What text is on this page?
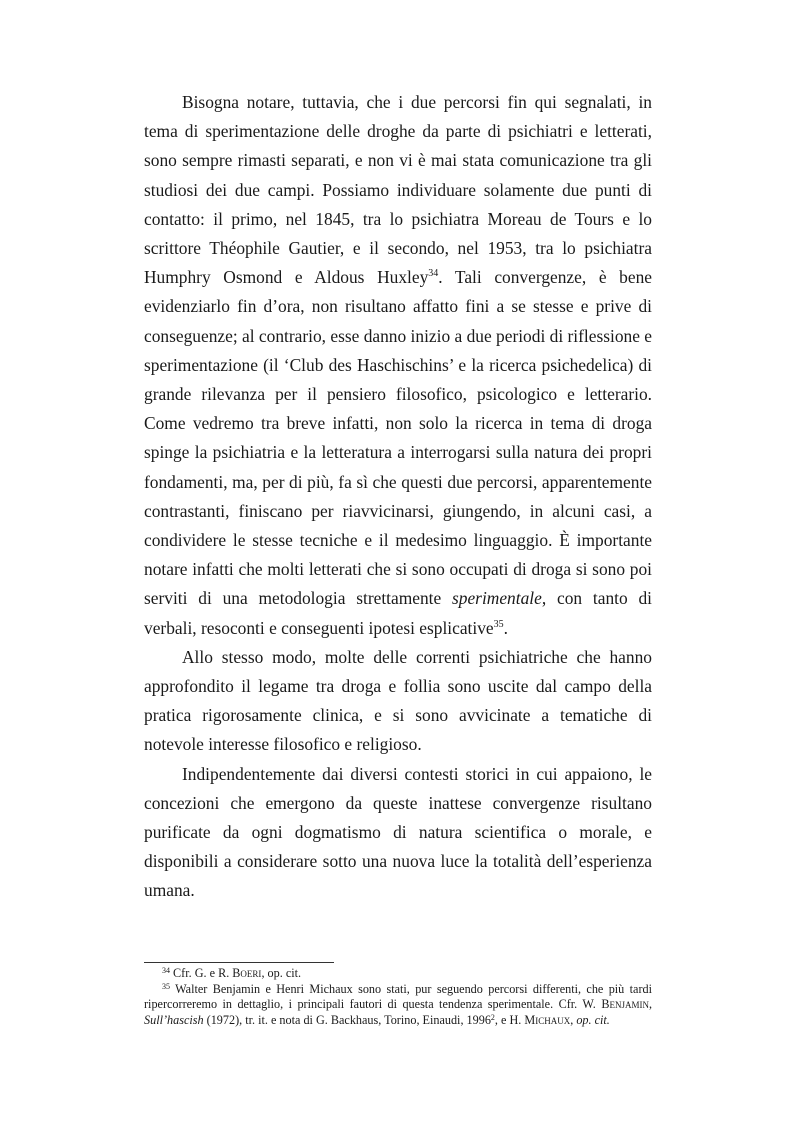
Bisogna notare, tuttavia, che i due percorsi fin qui segnalati, in tema di sperimentazione delle droghe da parte di psichiatri e letterati, sono sempre rimasti separati, e non vi è mai stata comunicazione tra gli studiosi dei due campi. Possiamo individuare solamente due punti di contatto: il primo, nel 1845, tra lo psichiatra Moreau de Tours e lo scrittore Théophile Gautier, e il secondo, nel 1953, tra lo psichiatra Humphry Osmond e Aldous Huxley$^{34}$. Tali convergenze, è bene evidenziarlo fin d’ora, non risultano affatto fini a se stesse e prive di conseguenze; al contrario, esse danno inizio a due periodi di riflessione e sperimentazione (il ‘Club des Haschischins’ e la ricerca psichedelica) di grande rilevanza per il pensiero filosofico, psicologico e letterario. Come vedremo tra breve infatti, non solo la ricerca in tema di droga spinge la psichiatria e la letteratura a interrogarsi sulla natura dei propri fondamenti, ma, per di più, fa sì che questi due percorsi, apparentemente contrastanti, finiscano per riavvicinarsi, giungendo, in alcuni casi, a condividere le stesse tecniche e il medesimo linguaggio. È importante notare infatti che molti letterati che si sono occupati di droga si sono poi serviti di una metodologia strettamente sperimentale, con tanto di verbali, resoconti e conseguenti ipotesi esplicative$^{35}$.

Allo stesso modo, molte delle correnti psichiatriche che hanno approfondito il legame tra droga e follia sono uscite dal campo della pratica rigorosamente clinica, e si sono avvicinate a tematiche di notevole interesse filosofico e religioso.

Indipendentemente dai diversi contesti storici in cui appaiono, le concezioni che emergono da queste inattese convergenze risultano purificate da ogni dogmatismo di natura scientifica o morale, e disponibili a considerare sotto una nuova luce la totalità dell’esperienza umana.

$^{34}$ Cfr. G. e R. Boeri, op. cit.

$^{35}$ Walter Benjamin e Henri Michaux sono stati, pur seguendo percorsi differenti, che più tardi ripercorreremo in dettaglio, i principali fautori di questa tendenza sperimentale. Cfr. W. Benjamin, Sull’hascish (1972), tr. it. e nota di G. Backhaus, Torino, Einaudi, 1996$^2$, e H. Michaux, op. cit.
